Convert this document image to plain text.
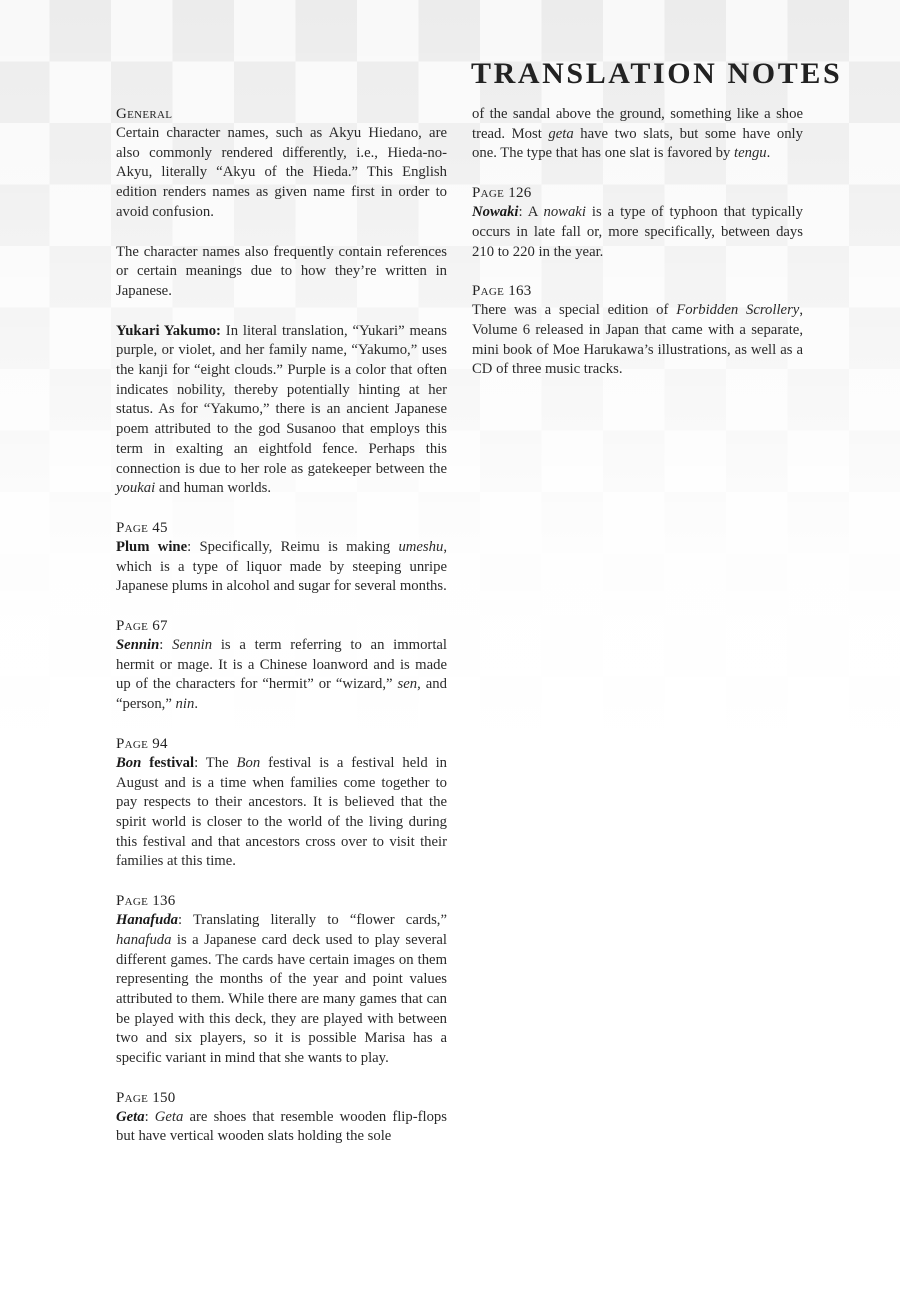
TRANSLATION NOTES
General

Certain character names, such as Akyu Hiedano, are also commonly rendered differently, i.e., Hieda-no-Akyu, literally “Akyu of the Hieda.” This English edition renders names as given name first in order to avoid confusion.

The character names also frequently contain references or certain meanings due to how they’re written in Japanese.

Yukari Yakumo: In literal translation, “Yukari” means purple, or violet, and her family name, “Yakumo,” uses the kanji for “eight clouds.” Purple is a color that often indicates nobility, thereby potentially hinting at her status. As for “Yakumo,” there is an ancient Japanese poem attributed to the god Susanoo that employs this term in exalting an eightfold fence. Perhaps this connection is due to her role as gatekeeper between the youkai and human worlds.

Page 45

Plum wine: Specifically, Reimu is making umeshu, which is a type of liquor made by steeping unripe Japanese plums in alcohol and sugar for several months.

Page 67

Sennin: Sennin is a term referring to an immortal hermit or mage. It is a Chinese loanword and is made up of the characters for “hermit” or “wizard,” sen, and “person,” nin.

Page 94

Bon festival: The Bon festival is a festival held in August and is a time when families come together to pay respects to their ancestors. It is believed that the spirit world is closer to the world of the living during this festival and that ancestors cross over to visit their families at this time.

Page 136

Hanafuda: Translating literally to “flower cards,” hanafuda is a Japanese card deck used to play several different games. The cards have certain images on them representing the months of the year and point values attributed to them. While there are many games that can be played with this deck, they are played with between two and six players, so it is possible Marisa has a specific variant in mind that she wants to play.

Page 150

Geta: Geta are shoes that resemble wooden flip-flops but have vertical wooden slats holding the sole

of the sandal above the ground, something like a shoe tread. Most geta have two slats, but some have only one. The type that has one slat is favored by tengu.

Page 126

Nowaki: A nowaki is a type of typhoon that typically occurs in late fall or, more specifically, between days 210 to 220 in the year.

Page 163

There was a special edition of Forbidden Scrollery, Volume 6 released in Japan that came with a separate, mini book of Moe Harukawa’s illustrations, as well as a CD of three music tracks.
